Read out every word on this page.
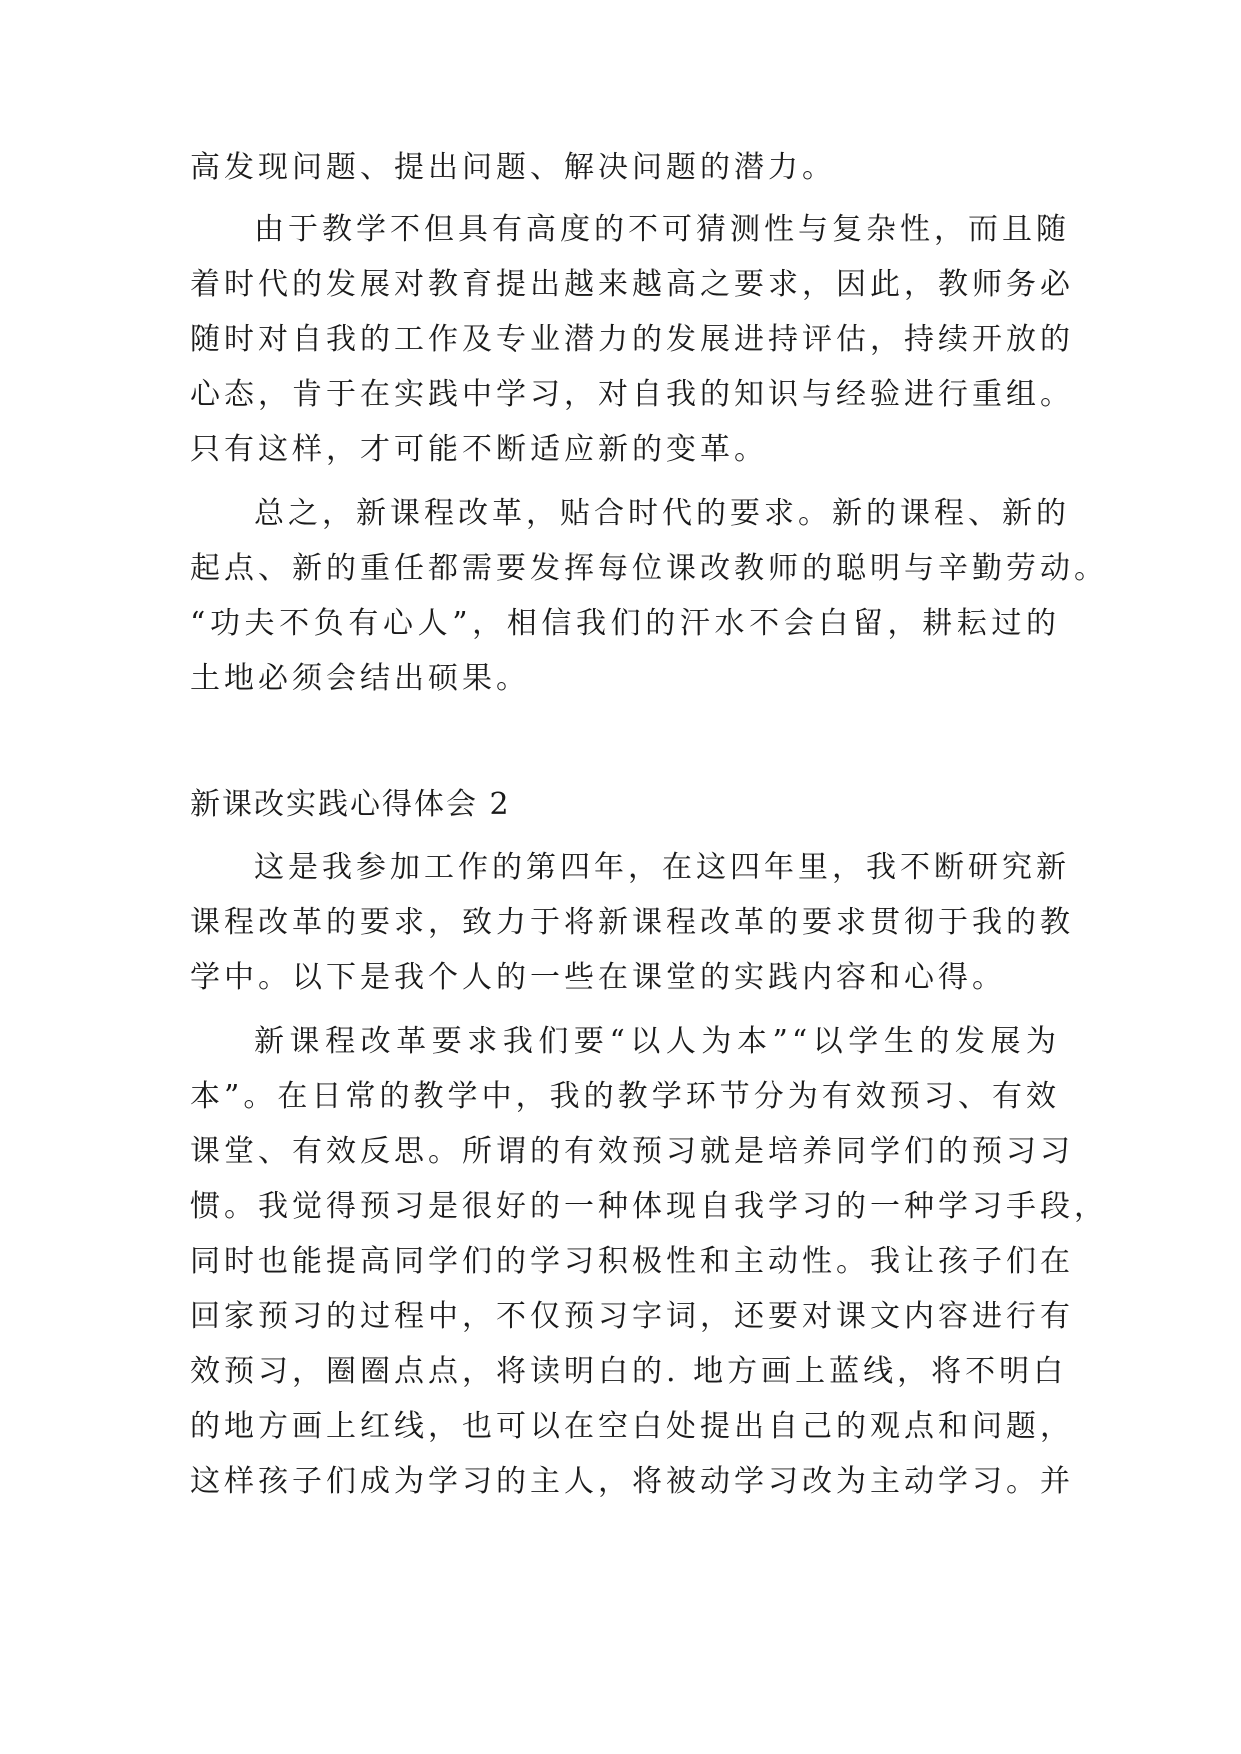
高发现问题、提出问题、解决问题的潜力。
由于教学不但具有高度的不可猜测性与复杂性，而且随
着时代的发展对教育提出越来越高之要求，因此，教师务必
随时对自我的工作及专业潜力的发展进持评估，持续开放的
心态，肯于在实践中学习，对自我的知识与经验进行重组。
只有这样，才可能不断适应新的变革。
总之，新课程改革，贴合时代的要求。新的课程、新的
起点、新的重任都需要发挥每位课改教师的聪明与辛勤劳动。
“功夫不负有心人”，相信我们的汗水不会白留，耕耘过的
土地必须会结出硕果。
新课改实践心得体会 2
这是我参加工作的第四年，在这四年里，我不断研究新
课程改革的要求，致力于将新课程改革的要求贯彻于我的教
学中。以下是我个人的一些在课堂的实践内容和心得。
新课程改革要求我们要“以人为本”“以学生的发展为
本”。在日常的教学中，我的教学环节分为有效预习、有效
课堂、有效反思。所谓的有效预习就是培养同学们的预习习
惯。我觉得预习是很好的一种体现自我学习的一种学习手段，
同时也能提高同学们的学习积极性和主动性。我让孩子们在
回家预习的过程中，不仅预习字词，还要对课文内容进行有
效预习，圈圈点点，将读明白的. 地方画上蓝线，将不明白
的地方画上红线，也可以在空白处提出自己的观点和问题，
这样孩子们成为学习的主人，将被动学习改为主动学习。并
